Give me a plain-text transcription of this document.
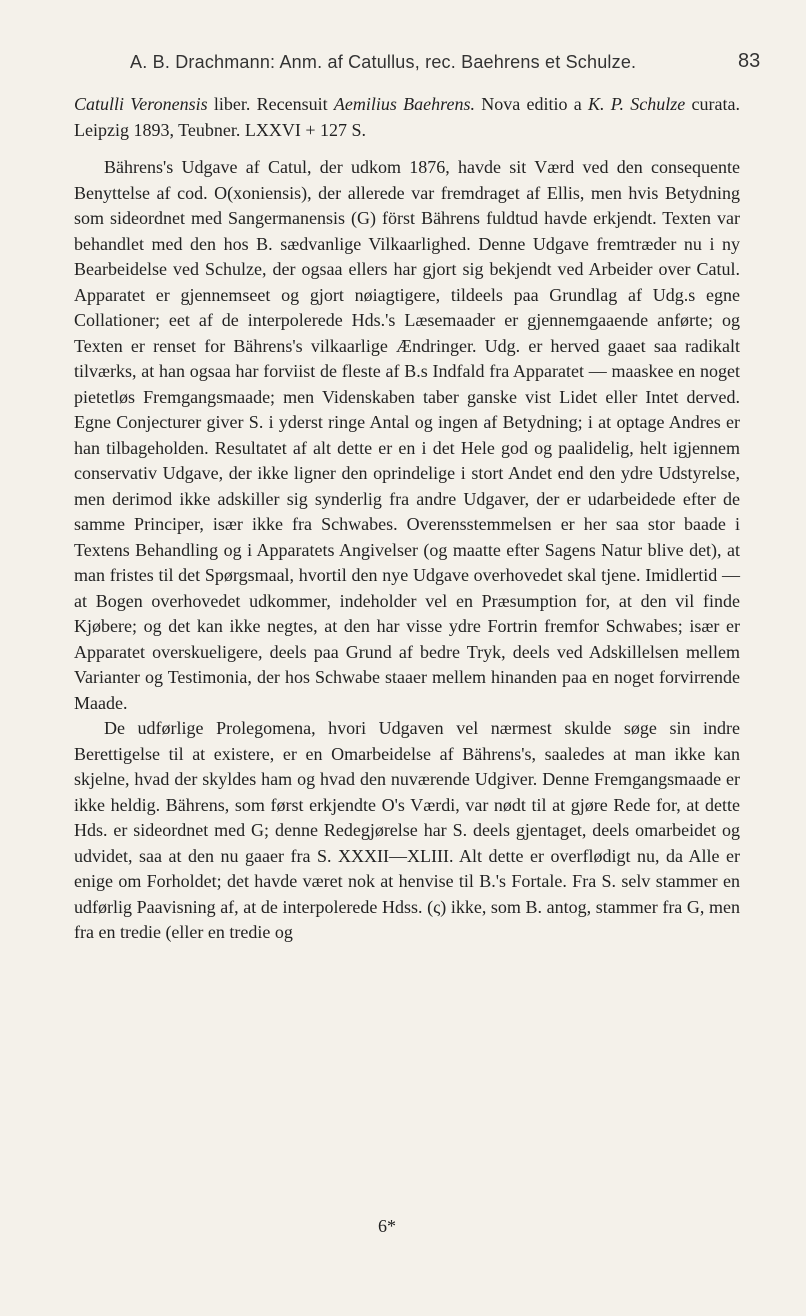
A. B. Drachmann: Anm. af Catullus, rec. Baehrens et Schulze.	83

Catulli Veronensis liber. Recensuit Aemilius Baehrens. Nova editio a K. P. Schulze curata. Leipzig 1893, Teubner. LXXVI + 127 S.

Bährens's Udgave af Catul, der udkom 1876, havde sit Værd ved den consequente Benyttelse af cod. O(xoniensis), der allerede var fremdraget af Ellis, men hvis Betydning som sideordnet med Sangermanensis (G) först Bährens fuldtud havde erkjendt. Texten var behandlet med den hos B. sædvanlige Vilkaarlighed. Denne Udgave fremtræder nu i ny Bearbeidelse ved Schulze, der ogsaa ellers har gjort sig bekjendt ved Arbeider over Catul. Apparatet er gjennemseet og gjort nøiagtigere, tildeels paa Grundlag af Udg.s egne Collationer; eet af de interpolerede Hds.'s Læsemaader er gjennemgaaende anførte; og Texten er renset for Bährens's vilkaarlige Ændringer. Udg. er herved gaaet saa radikalt tilværks, at han ogsaa har forviist de fleste af B.s Indfald fra Apparatet — maaskee en noget pietetløs Fremgangsmaade; men Videnskaben taber ganske vist Lidet eller Intet derved. Egne Conjecturer giver S. i yderst ringe Antal og ingen af Betydning; i at optage Andres er han tilbageholden. Resultatet af alt dette er en i det Hele god og paalidelig, helt igjennem conservativ Udgave, der ikke ligner den oprindelige i stort Andet end den ydre Udstyrelse, men derimod ikke adskiller sig synderlig fra andre Udgaver, der er udarbeidede efter de samme Principer, især ikke fra Schwabes. Overensstemmelsen er her saa stor baade i Textens Behandling og i Apparatets Angivelser (og maatte efter Sagens Natur blive det), at man fristes til det Spørgsmaal, hvortil den nye Udgave overhovedet skal tjene. Imidlertid — at Bogen overhovedet udkommer, indeholder vel en Præsumption for, at den vil finde Kjøbere; og det kan ikke negtes, at den har visse ydre Fortrin fremfor Schwabes; især er Apparatet overskueligere, deels paa Grund af bedre Tryk, deels ved Adskillelsen mellem Varianter og Testimonia, der hos Schwabe staaer mellem hinanden paa en noget forvirrende Maade.

De udførlige Prolegomena, hvori Udgaven vel nærmest skulde søge sin indre Berettigelse til at existere, er en Omarbeidelse af Bährens's, saaledes at man ikke kan skjelne, hvad der skyldes ham og hvad den nuværende Udgiver. Denne Fremgangsmaade er ikke heldig. Bährens, som først erkjendte O's Værdi, var nødt til at gjøre Rede for, at dette Hds. er sideordnet med G; denne Redegjørelse har S. deels gjentaget, deels omarbeidet og udvidet, saa at den nu gaaer fra S. XXXII—XLIII. Alt dette er overflødigt nu, da Alle er enige om Forholdet; det havde været nok at henvise til B.'s Fortale. Fra S. selv stammer en udførlig Paavisning af, at de interpolerede Hdss. (ς) ikke, som B. antog, stammer fra G, men fra en tredie (eller en tredie og

6*
